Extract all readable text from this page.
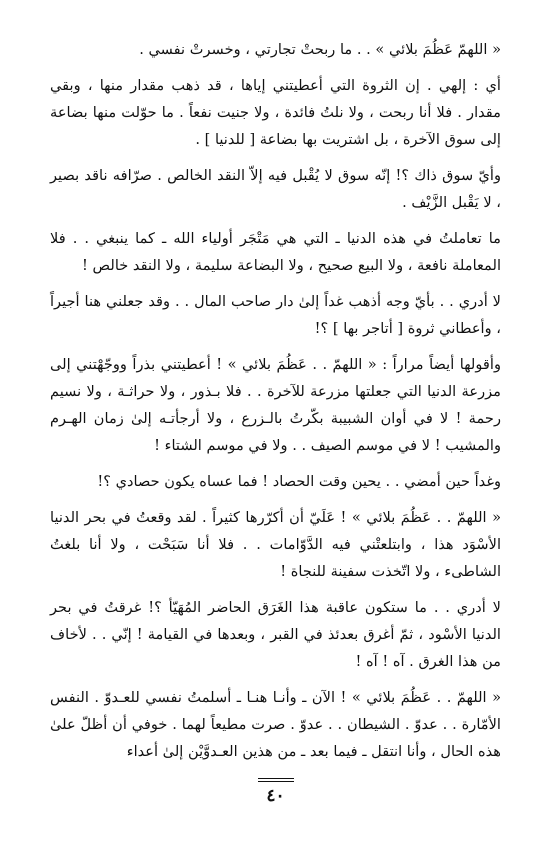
« اللهمّ عَظُمَ بلائي » . . ما ربحتْ تجارتي ، وخسرتْ نفسي .

أي : إلهي . إن الثروة التي أعطيتني إياها ، قد ذهب مقدار منها ، وبقي مقدار . فلا أنا ربحت ، ولا نلتُ فائدة ، ولا جنيت نفعاً . ما حوّلت منها بضاعة إلى سوق الآخرة ، بل اشتريت بها بضاعة [ للدنيا ] .

وأيّ سوق ذاك ؟! إنّه سوق لا يُقْبل فيه إلاّ النقد الخالص . صرّافه ناقد بصير ، لا يَقْبل الزَّيْف .

ما تعاملتُ في هذه الدنيا ـ التي هي مَتْجَر أولياء الله ـ كما ينبغي . . فلا المعاملة نافعة ، ولا البيع صحيح ، ولا البضاعة سليمة ، ولا النقد خالص !

لا أدري . . بأيّ وجه أذهب غداً إلىٰ دار صاحب المال . . وقد جعلني هنا أجيراً ، وأعطاني ثروة [ أتاجر بها ] ؟!

وأقولها أيضاً مراراً : « اللهمّ . . عَظُمَ بلائي » ! أعطيتني بذراً ووجّهْتني إلى مزرعة الدنيا التي جعلتها مزرعة للآخرة . . فلا بـذور ، ولا حراثـة ، ولا نسيم رحمة ! لا في أوان الشبيبة بكّرتُ بالـزرع ، ولا أرجأتـه إلىٰ زمان الهـرم والمشيب ! لا في موسم الصيف . . ولا في موسم الشتاء !

وغداً حين أمضي . . يحين وقت الحصاد ! فما عساه يكون حصادي ؟!

« اللهمّ . . عَظُمَ بلائي » ! عَلَيّ أن أكرّرها كثيراً . لقد وقعتُ في بحر الدنيا الأسْوَد هذا ، وابتلعتْني فيه الدَّوّامات . . فلا أنا سَبَحْت ، ولا أنا بلغتُ الشاطىء ، ولا اتّخذت سفينة للنجاة !

لا أدري . . ما ستكون عاقبة هذا الغَرَق الحاضر المُهَيّأ ؟! غرقتُ في بحر الدنيا الأسْود ، ثمّ أغرق بعدئذ في القبر ، وبعدها في القيامة ! إنّي . . لأخاف من هذا الغرق . آه ! آه !

« اللهمّ . . عَظُمَ بلائي » ! الآن ـ وأنـا هنـا ـ أسلمتُ نفسي للعـدوّ . النفس الأمّارة . . عدوّ . الشيطان . . عدوّ . صرت مطيعاً لهما . خوفي أن أظلّ علىٰ هذه الحال ، وأنا انتقل ـ فيما بعد ـ من هذين العـدوَّيْن إلىٰ أعداء

٤٠
